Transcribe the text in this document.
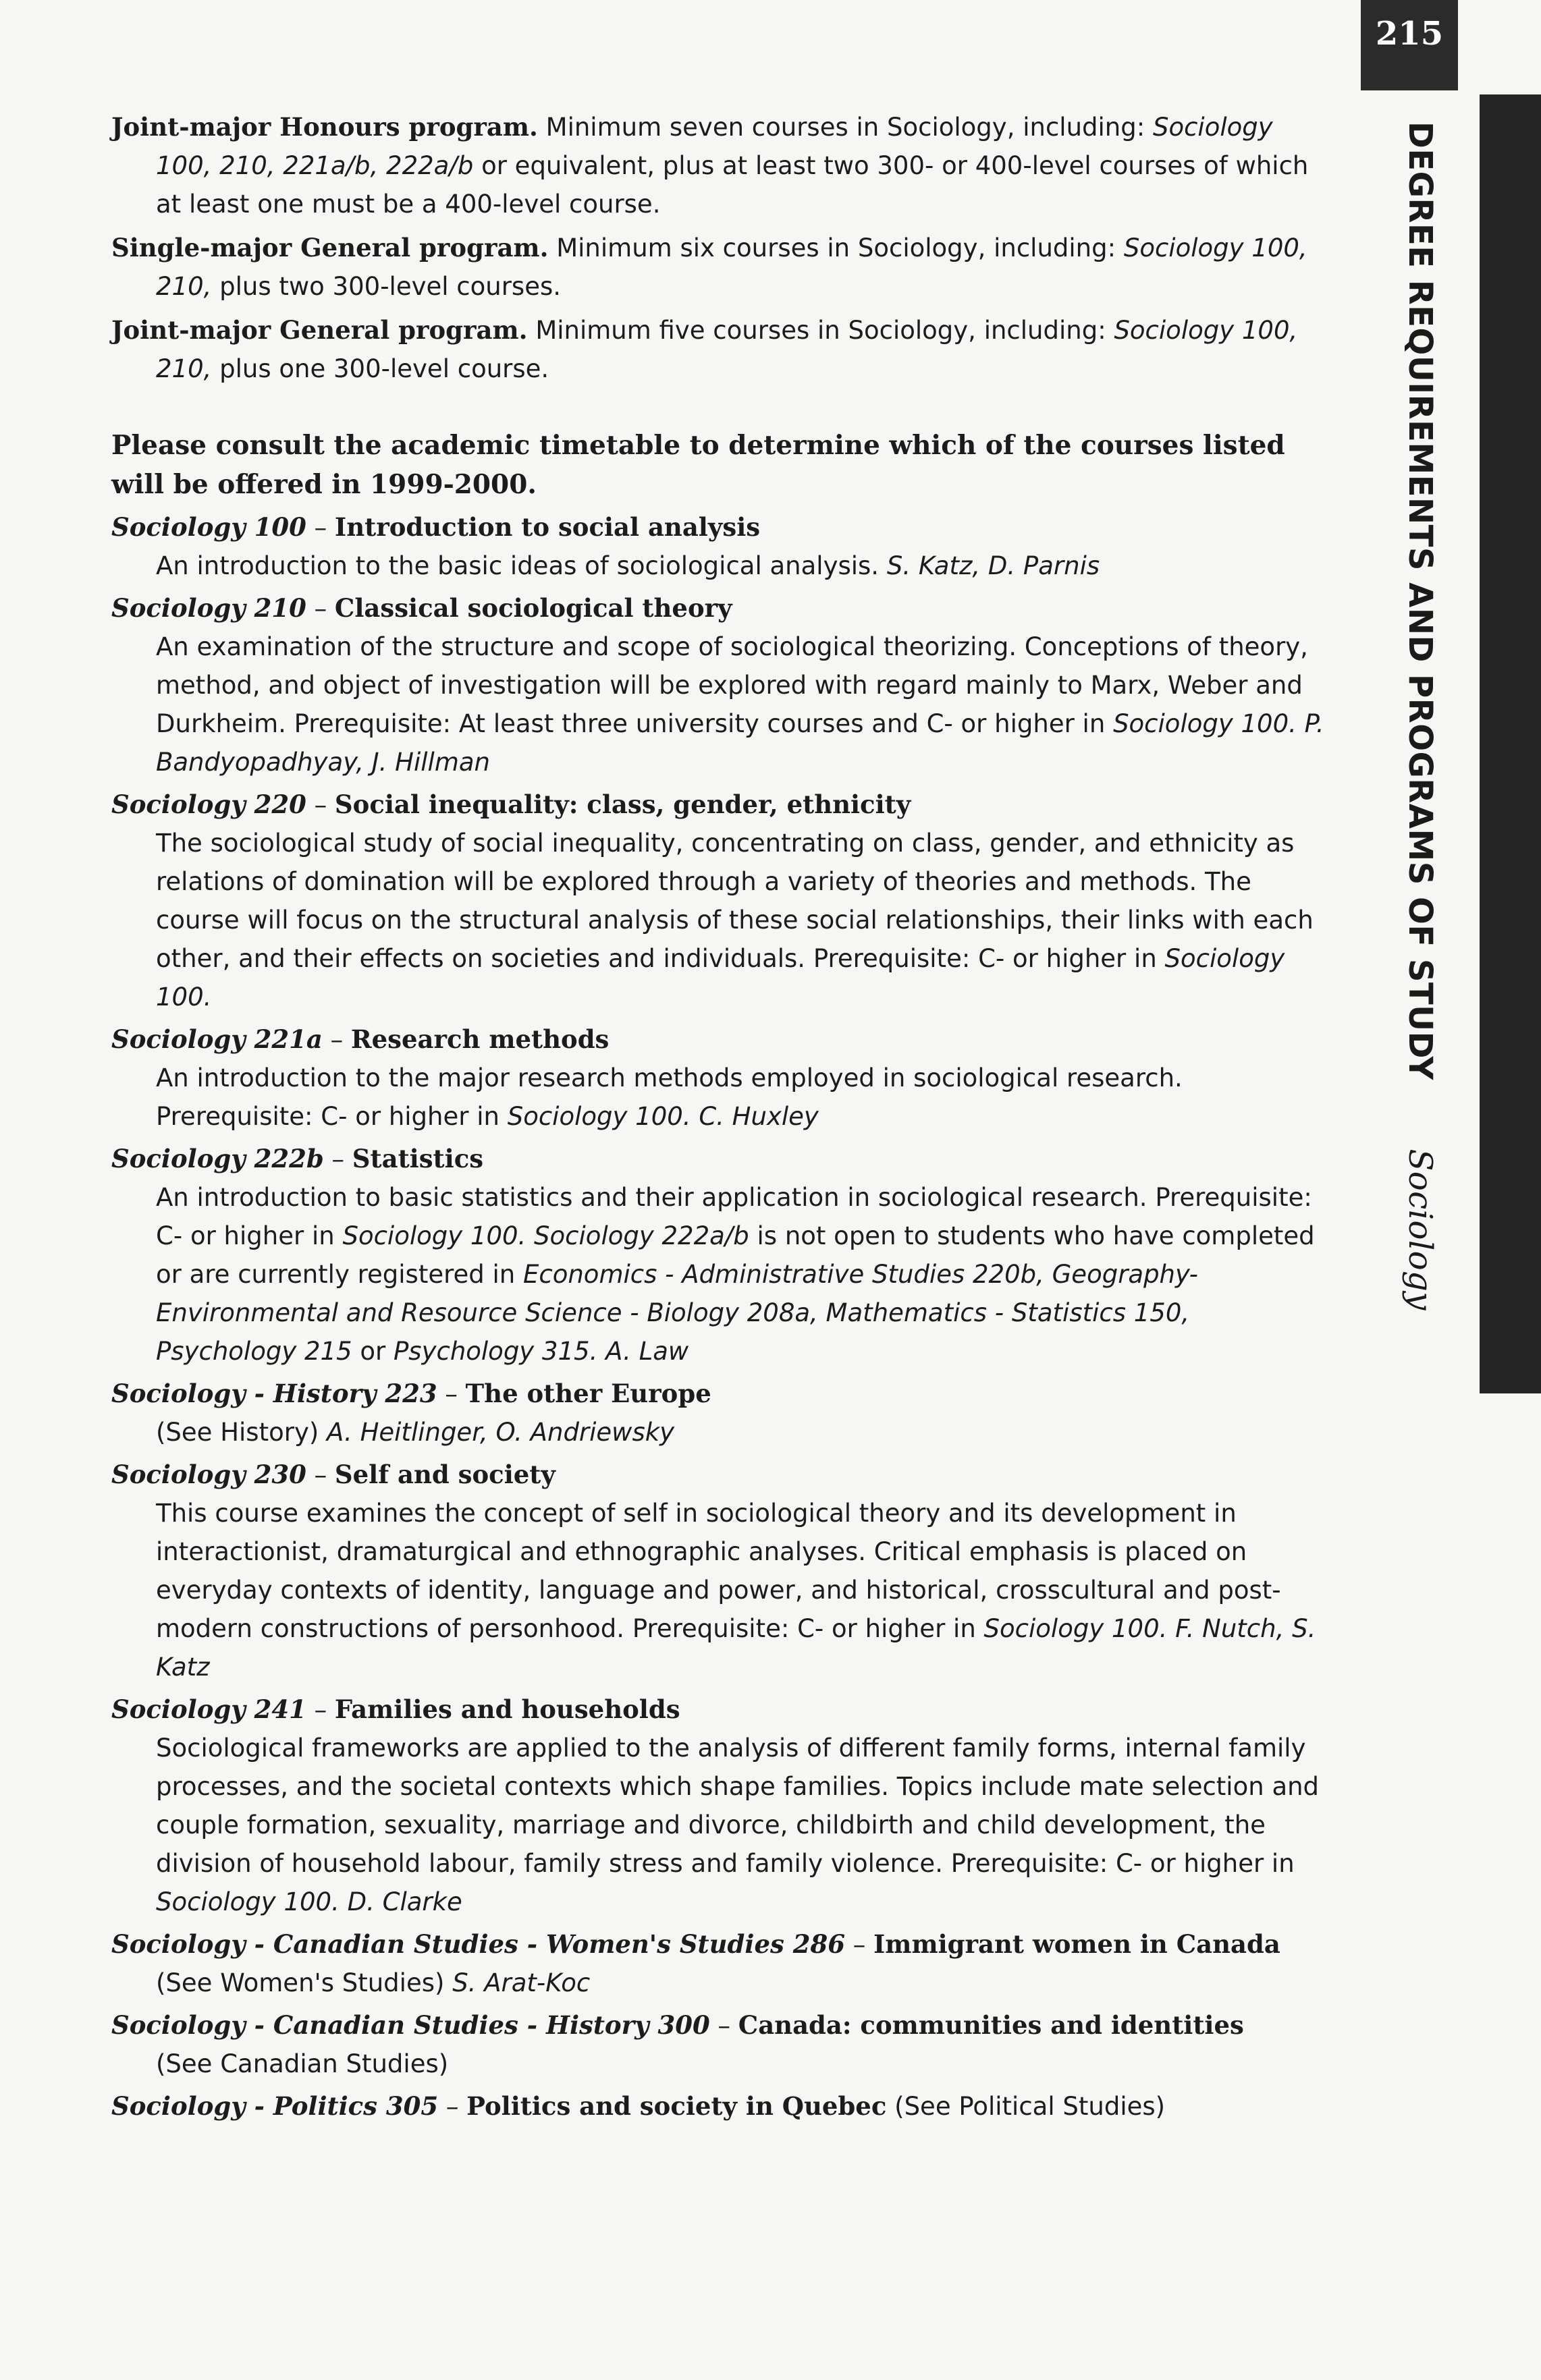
215
DEGREE REQUIREMENTS AND PROGRAMS OF STUDY  Sociology
Joint-major Honours program. Minimum seven courses in Sociology, including: Sociology 100, 210, 221a/b, 222a/b or equivalent, plus at least two 300- or 400-level courses of which at least one must be a 400-level course.
Single-major General program. Minimum six courses in Sociology, including: Sociology 100, 210, plus two 300-level courses.
Joint-major General program. Minimum five courses in Sociology, including: Sociology 100, 210, plus one 300-level course.
Please consult the academic timetable to determine which of the courses listed will be offered in 1999-2000.
Sociology 100 – Introduction to social analysis
An introduction to the basic ideas of sociological analysis. S. Katz, D. Parnis
Sociology 210 – Classical sociological theory
An examination of the structure and scope of sociological theorizing. Conceptions of theory, method, and object of investigation will be explored with regard mainly to Marx, Weber and Durkheim. Prerequisite: At least three university courses and C- or higher in Sociology 100. P. Bandyopadhyay, J. Hillman
Sociology 220 – Social inequality: class, gender, ethnicity
The sociological study of social inequality, concentrating on class, gender, and ethnicity as relations of domination will be explored through a variety of theories and methods. The course will focus on the structural analysis of these social relationships, their links with each other, and their effects on societies and individuals. Prerequisite: C- or higher in Sociology 100.
Sociology 221a – Research methods
An introduction to the major research methods employed in sociological research. Prerequisite: C- or higher in Sociology 100. C. Huxley
Sociology 222b – Statistics
An introduction to basic statistics and their application in sociological research. Prerequisite: C- or higher in Sociology 100. Sociology 222a/b is not open to students who have completed or are currently registered in Economics - Administrative Studies 220b, Geography- Environmental and Resource Science - Biology 208a, Mathematics - Statistics 150, Psychology 215 or Psychology 315. A. Law
Sociology - History 223 – The other Europe
(See History) A. Heitlinger, O. Andriewsky
Sociology 230 – Self and society
This course examines the concept of self in sociological theory and its development in interactionist, dramaturgical and ethnographic analyses. Critical emphasis is placed on everyday contexts of identity, language and power, and historical, crosscultural and post-modern constructions of personhood. Prerequisite: C- or higher in Sociology 100. F. Nutch, S. Katz
Sociology 241 – Families and households
Sociological frameworks are applied to the analysis of different family forms, internal family processes, and the societal contexts which shape families. Topics include mate selection and couple formation, sexuality, marriage and divorce, childbirth and child development, the division of household labour, family stress and family violence. Prerequisite: C- or higher in Sociology 100. D. Clarke
Sociology - Canadian Studies - Women's Studies 286 – Immigrant women in Canada
(See Women's Studies) S. Arat-Koc
Sociology - Canadian Studies - History 300 – Canada: communities and identities
(See Canadian Studies)
Sociology - Politics 305 – Politics and society in Quebec (See Political Studies)
